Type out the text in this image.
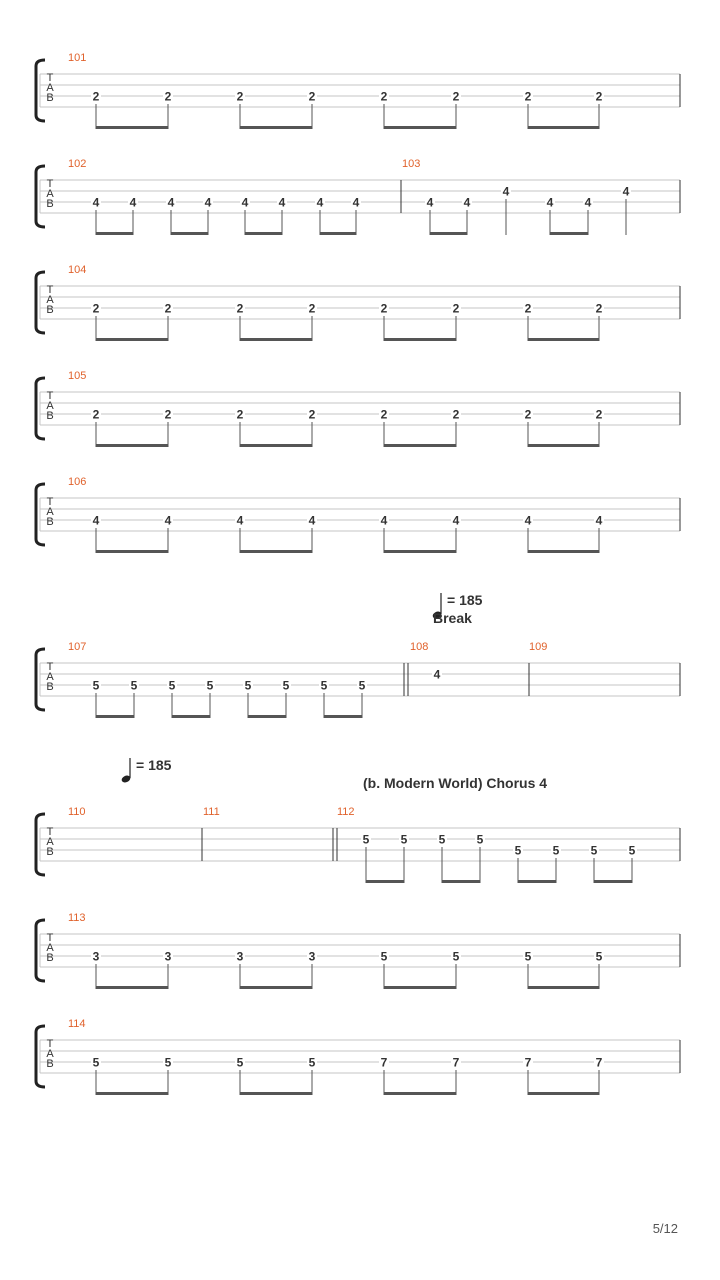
= 185
Break
= 185
(b. Modern World) Chorus 4
T
A
B
101
2	2	2	2	2	2	2	2
T
A
B
102
4	4	4	4	4	4	4 4
103
4	4
4
4	4
4
T
A
B
104
2	2	2	2	2	2	2	2
T
A
B
105
2	2	2	2	2	2	2	2
T
A
B
106
4	4	4	4	4	4	4	4
T
A
B
107
5	5	5	5	5	5	5	5
108
4
109
T
A
B
110	111	112
5	5	5	5
5	5	5	5
T
A
B
113
3	3	3	3	5	5	5	5
T
A
B
114
5	5	5	5	7	7	7	7
5/12
